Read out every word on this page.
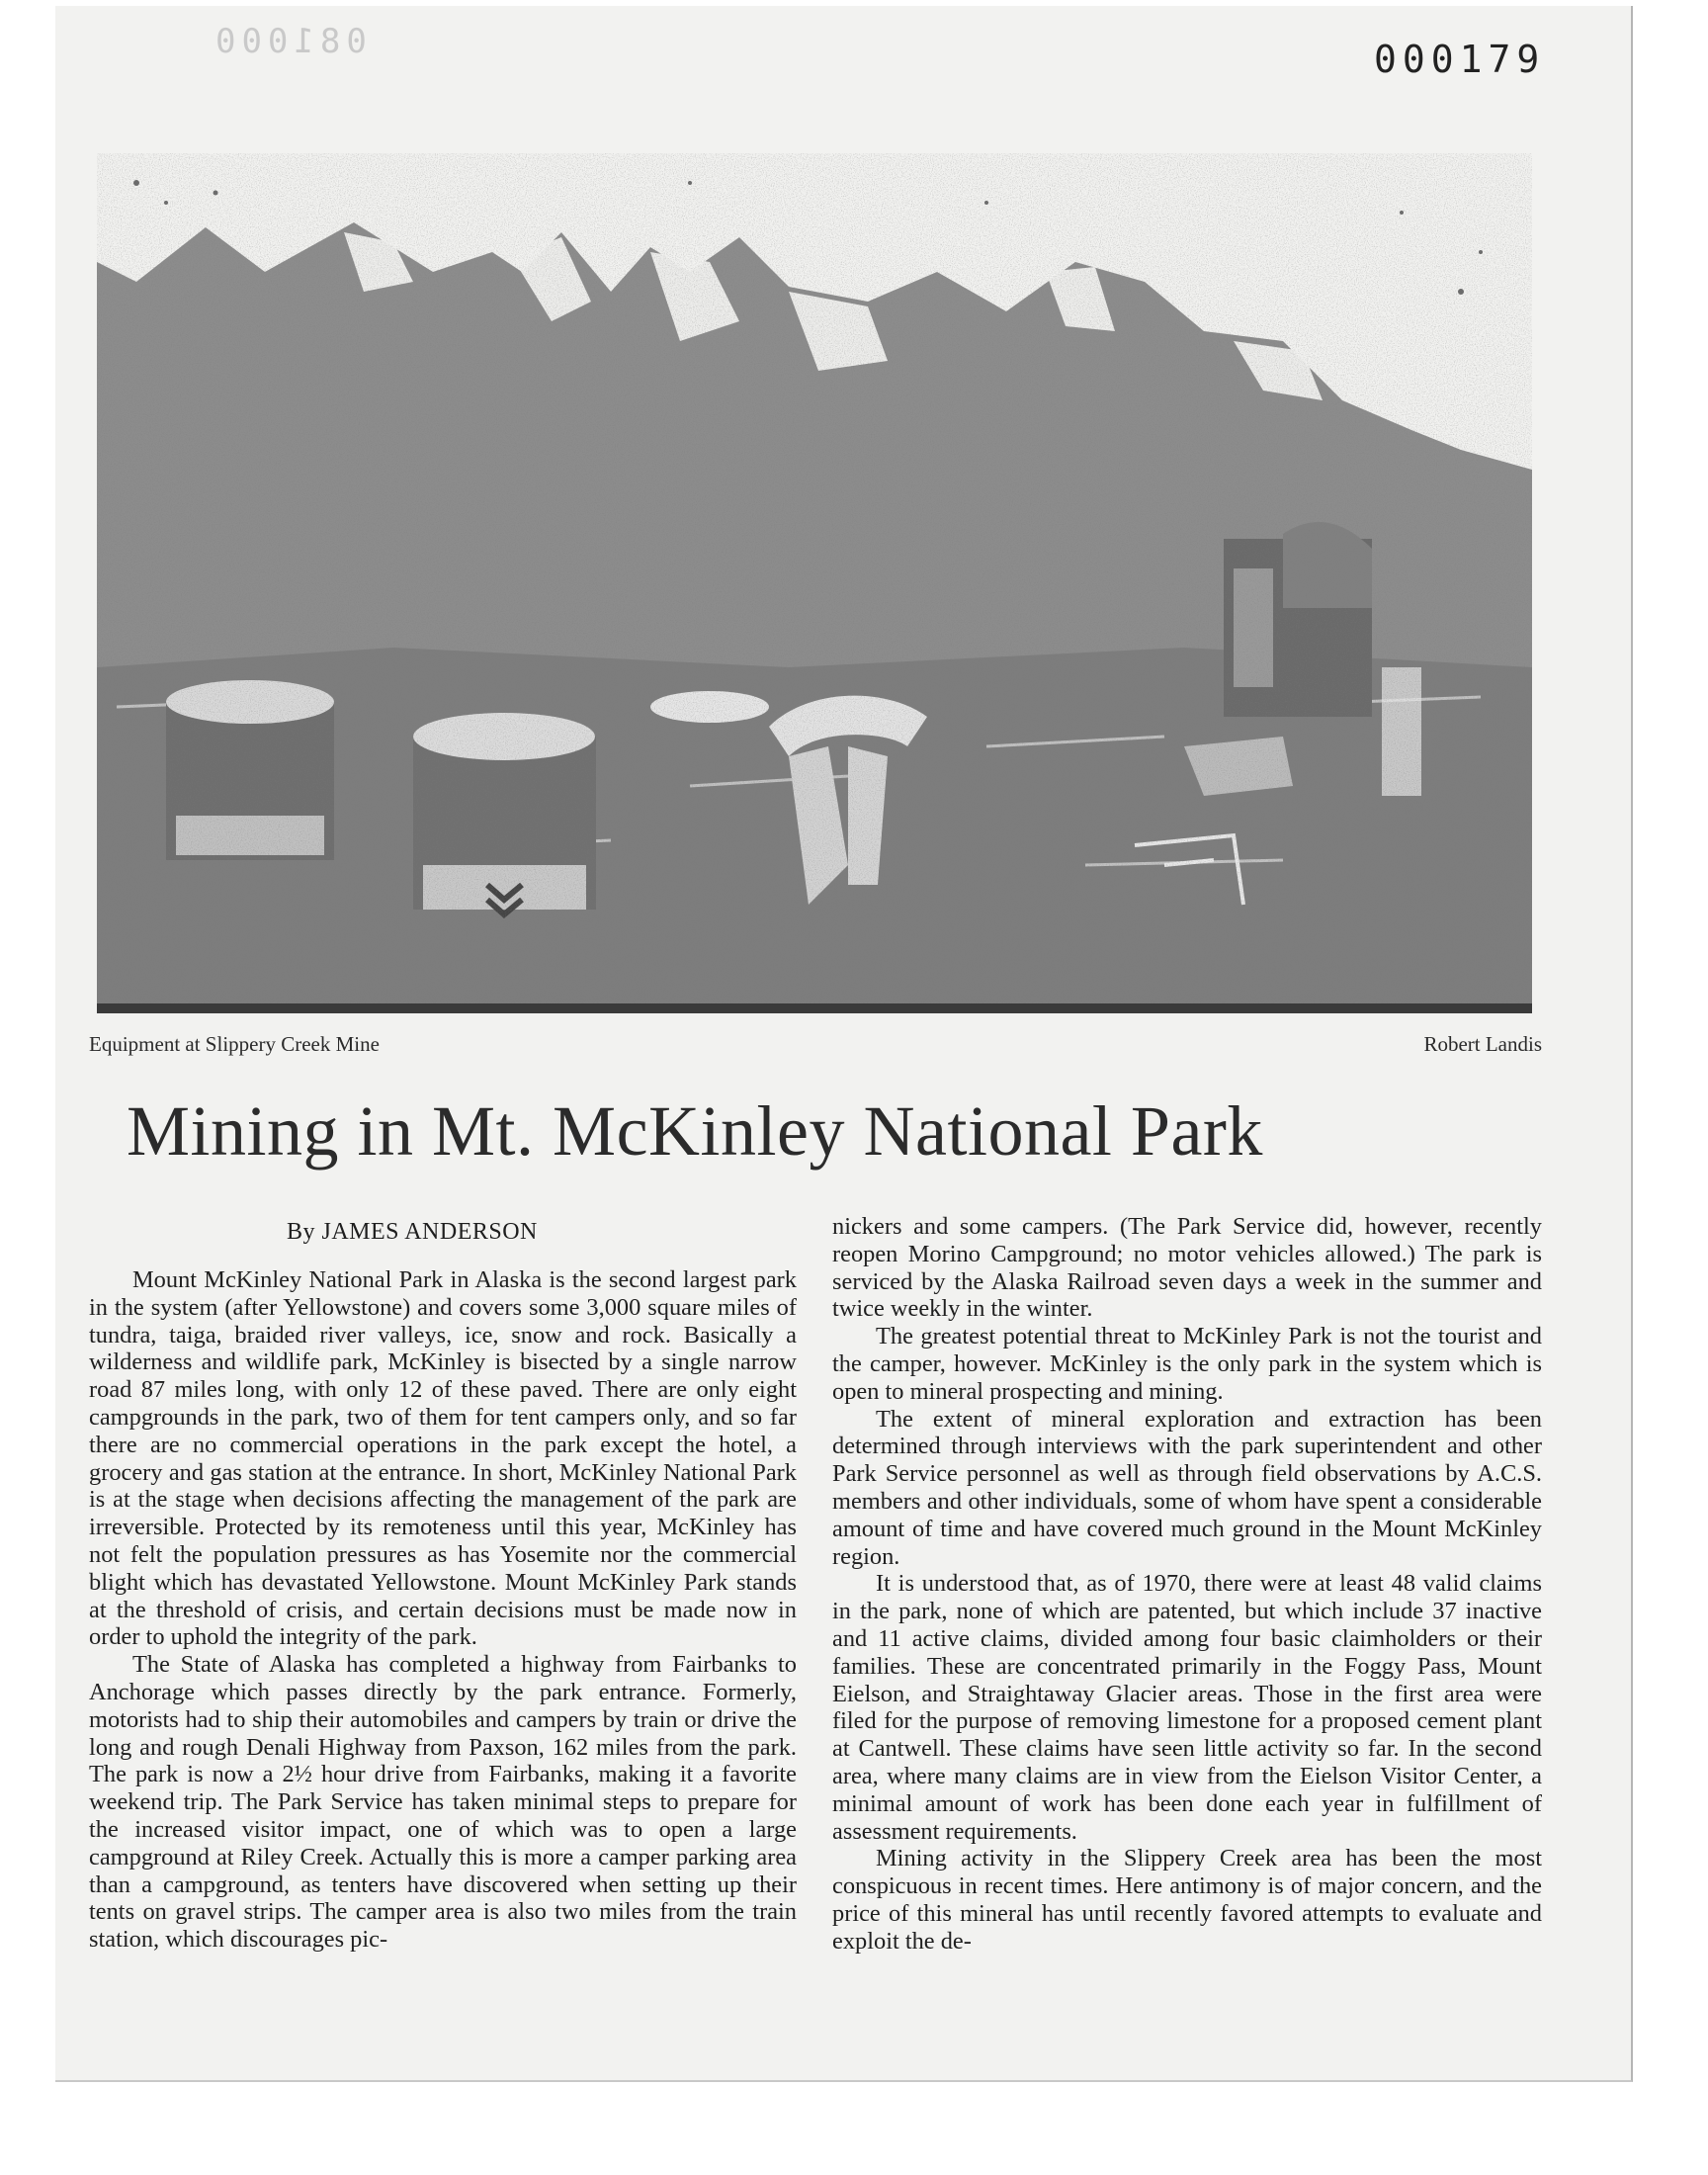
081000	000179
Equipment at Slippery Creek Mine	Robert Landis
Mining in Mt. McKinley National Park
By JAMES ANDERSON

Mount McKinley National Park in Alaska is the second largest park in the system (after Yellowstone) and covers some 3,000 square miles of tundra, taiga, braided river valleys, ice, snow and rock. Basically a wilderness and wildlife park, McKinley is bisected by a single narrow road 87 miles long, with only 12 of these paved. There are only eight campgrounds in the park, two of them for tent campers only, and so far there are no commercial operations in the park except the hotel, a grocery and gas station at the entrance. In short, McKinley National Park is at the stage when decisions affecting the management of the park are irreversible. Protected by its remoteness until this year, McKinley has not felt the population pressures as has Yosemite nor the commercial blight which has devastated Yellowstone. Mount McKinley Park stands at the threshold of crisis, and certain decisions must be made now in order to uphold the integrity of the park.

The State of Alaska has completed a highway from Fairbanks to Anchorage which passes directly by the park entrance. Formerly, motorists had to ship their automobiles and campers by train or drive the long and rough Denali Highway from Paxson, 162 miles from the park. The park is now a 2½ hour drive from Fairbanks, making it a favorite weekend trip. The Park Service has taken minimal steps to prepare for the increased visitor impact, one of which was to open a large campground at Riley Creek. Actually this is more a camper parking area than a campground, as tenters have discovered when setting up their tents on gravel strips. The camper area is also two miles from the train station, which discourages pic-

nickers and some campers. (The Park Service did, however, recently reopen Morino Campground; no motor vehicles allowed.) The park is serviced by the Alaska Railroad seven days a week in the summer and twice weekly in the winter.

The greatest potential threat to McKinley Park is not the tourist and the camper, however. McKinley is the only park in the system which is open to mineral prospecting and mining.

The extent of mineral exploration and extraction has been determined through interviews with the park superintendent and other Park Service personnel as well as through field observations by A.C.S. members and other individuals, some of whom have spent a considerable amount of time and have covered much ground in the Mount McKinley region.

It is understood that, as of 1970, there were at least 48 valid claims in the park, none of which are patented, but which include 37 inactive and 11 active claims, divided among four basic claimholders or their families. These are concentrated primarily in the Foggy Pass, Mount Eielson, and Straightaway Glacier areas. Those in the first area were filed for the purpose of removing limestone for a proposed cement plant at Cantwell. These claims have seen little activity so far. In the second area, where many claims are in view from the Eielson Visitor Center, a minimal amount of work has been done each year in fulfillment of assessment requirements.

Mining activity in the Slippery Creek area has been the most conspicuous in recent times. Here antimony is of major concern, and the price of this mineral has until recently favored attempts to evaluate and exploit the de-
